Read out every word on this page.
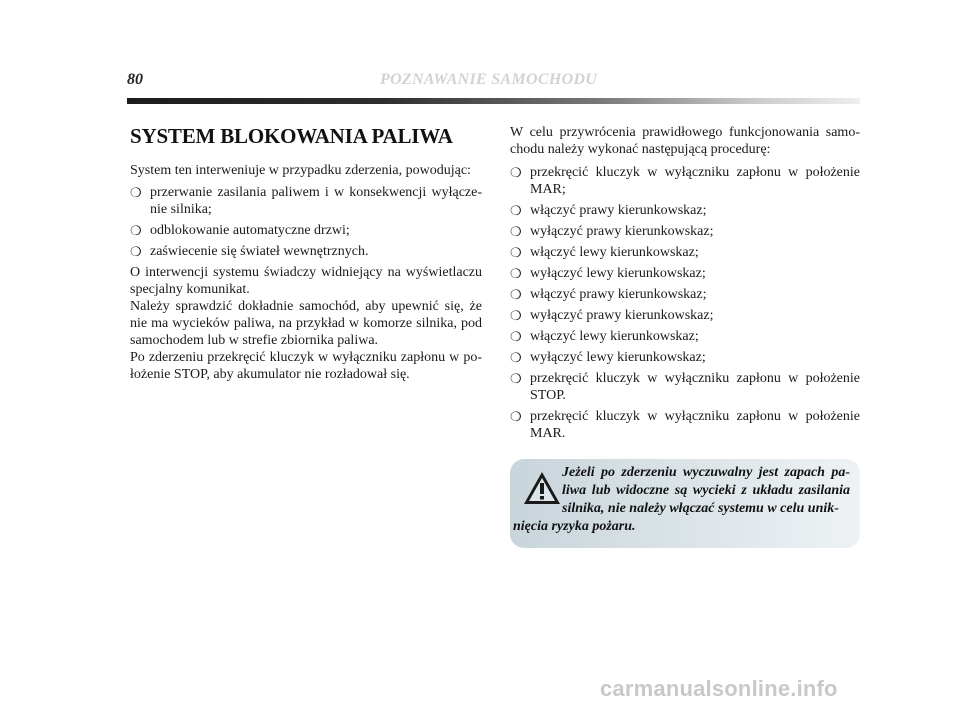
80	POZNAWANIE SAMOCHODU
SYSTEM BLOKOWANIA PALIWA

System ten interweniuje w przypadku zderzenia, powodując:

❍ przerwanie zasilania paliwem i w konsekwencji wyłącze- nie silnika;
❍ odblokowanie automatyczne drzwi;
❍ zaświecenie się świateł wewnętrznych.

O interwencji systemu świadczy widniejący na wyświetlaczu specjalny komunikat.

Należy sprawdzić dokładnie samochód, aby upewnić się, że nie ma wycieków paliwa, na przykład w komorze silnika, pod samochodem lub w strefie zbiornika paliwa.

Po zderzeniu przekręcić kluczyk w wyłączniku zapłonu w po- łożenie STOP, aby akumulator nie rozładował się.

W celu przywrócenia prawidłowego funkcjonowania samo- chodu należy wykonać następującą procedurę:

❍ przekręcić kluczyk w wyłączniku zapłonu w położenie MAR;
❍ włączyć prawy kierunkowskaz;
❍ wyłączyć prawy kierunkowskaz;
❍ włączyć lewy kierunkowskaz;
❍ wyłączyć lewy kierunkowskaz;
❍ włączyć prawy kierunkowskaz;
❍ wyłączyć prawy kierunkowskaz;
❍ włączyć lewy kierunkowskaz;
❍ wyłączyć lewy kierunkowskaz;
❍ przekręcić kluczyk w wyłączniku zapłonu w położenie STOP.
❍ przekręcić kluczyk w wyłączniku zapłonu w położenie MAR.
Jeżeli po zderzeniu wyczuwalny jest zapach pa- liwa lub widoczne są wycieki z układu zasilania silnika, nie należy włączać systemu w celu unik-
nięcia ryzyka pożaru.
carmanualsonline.info
